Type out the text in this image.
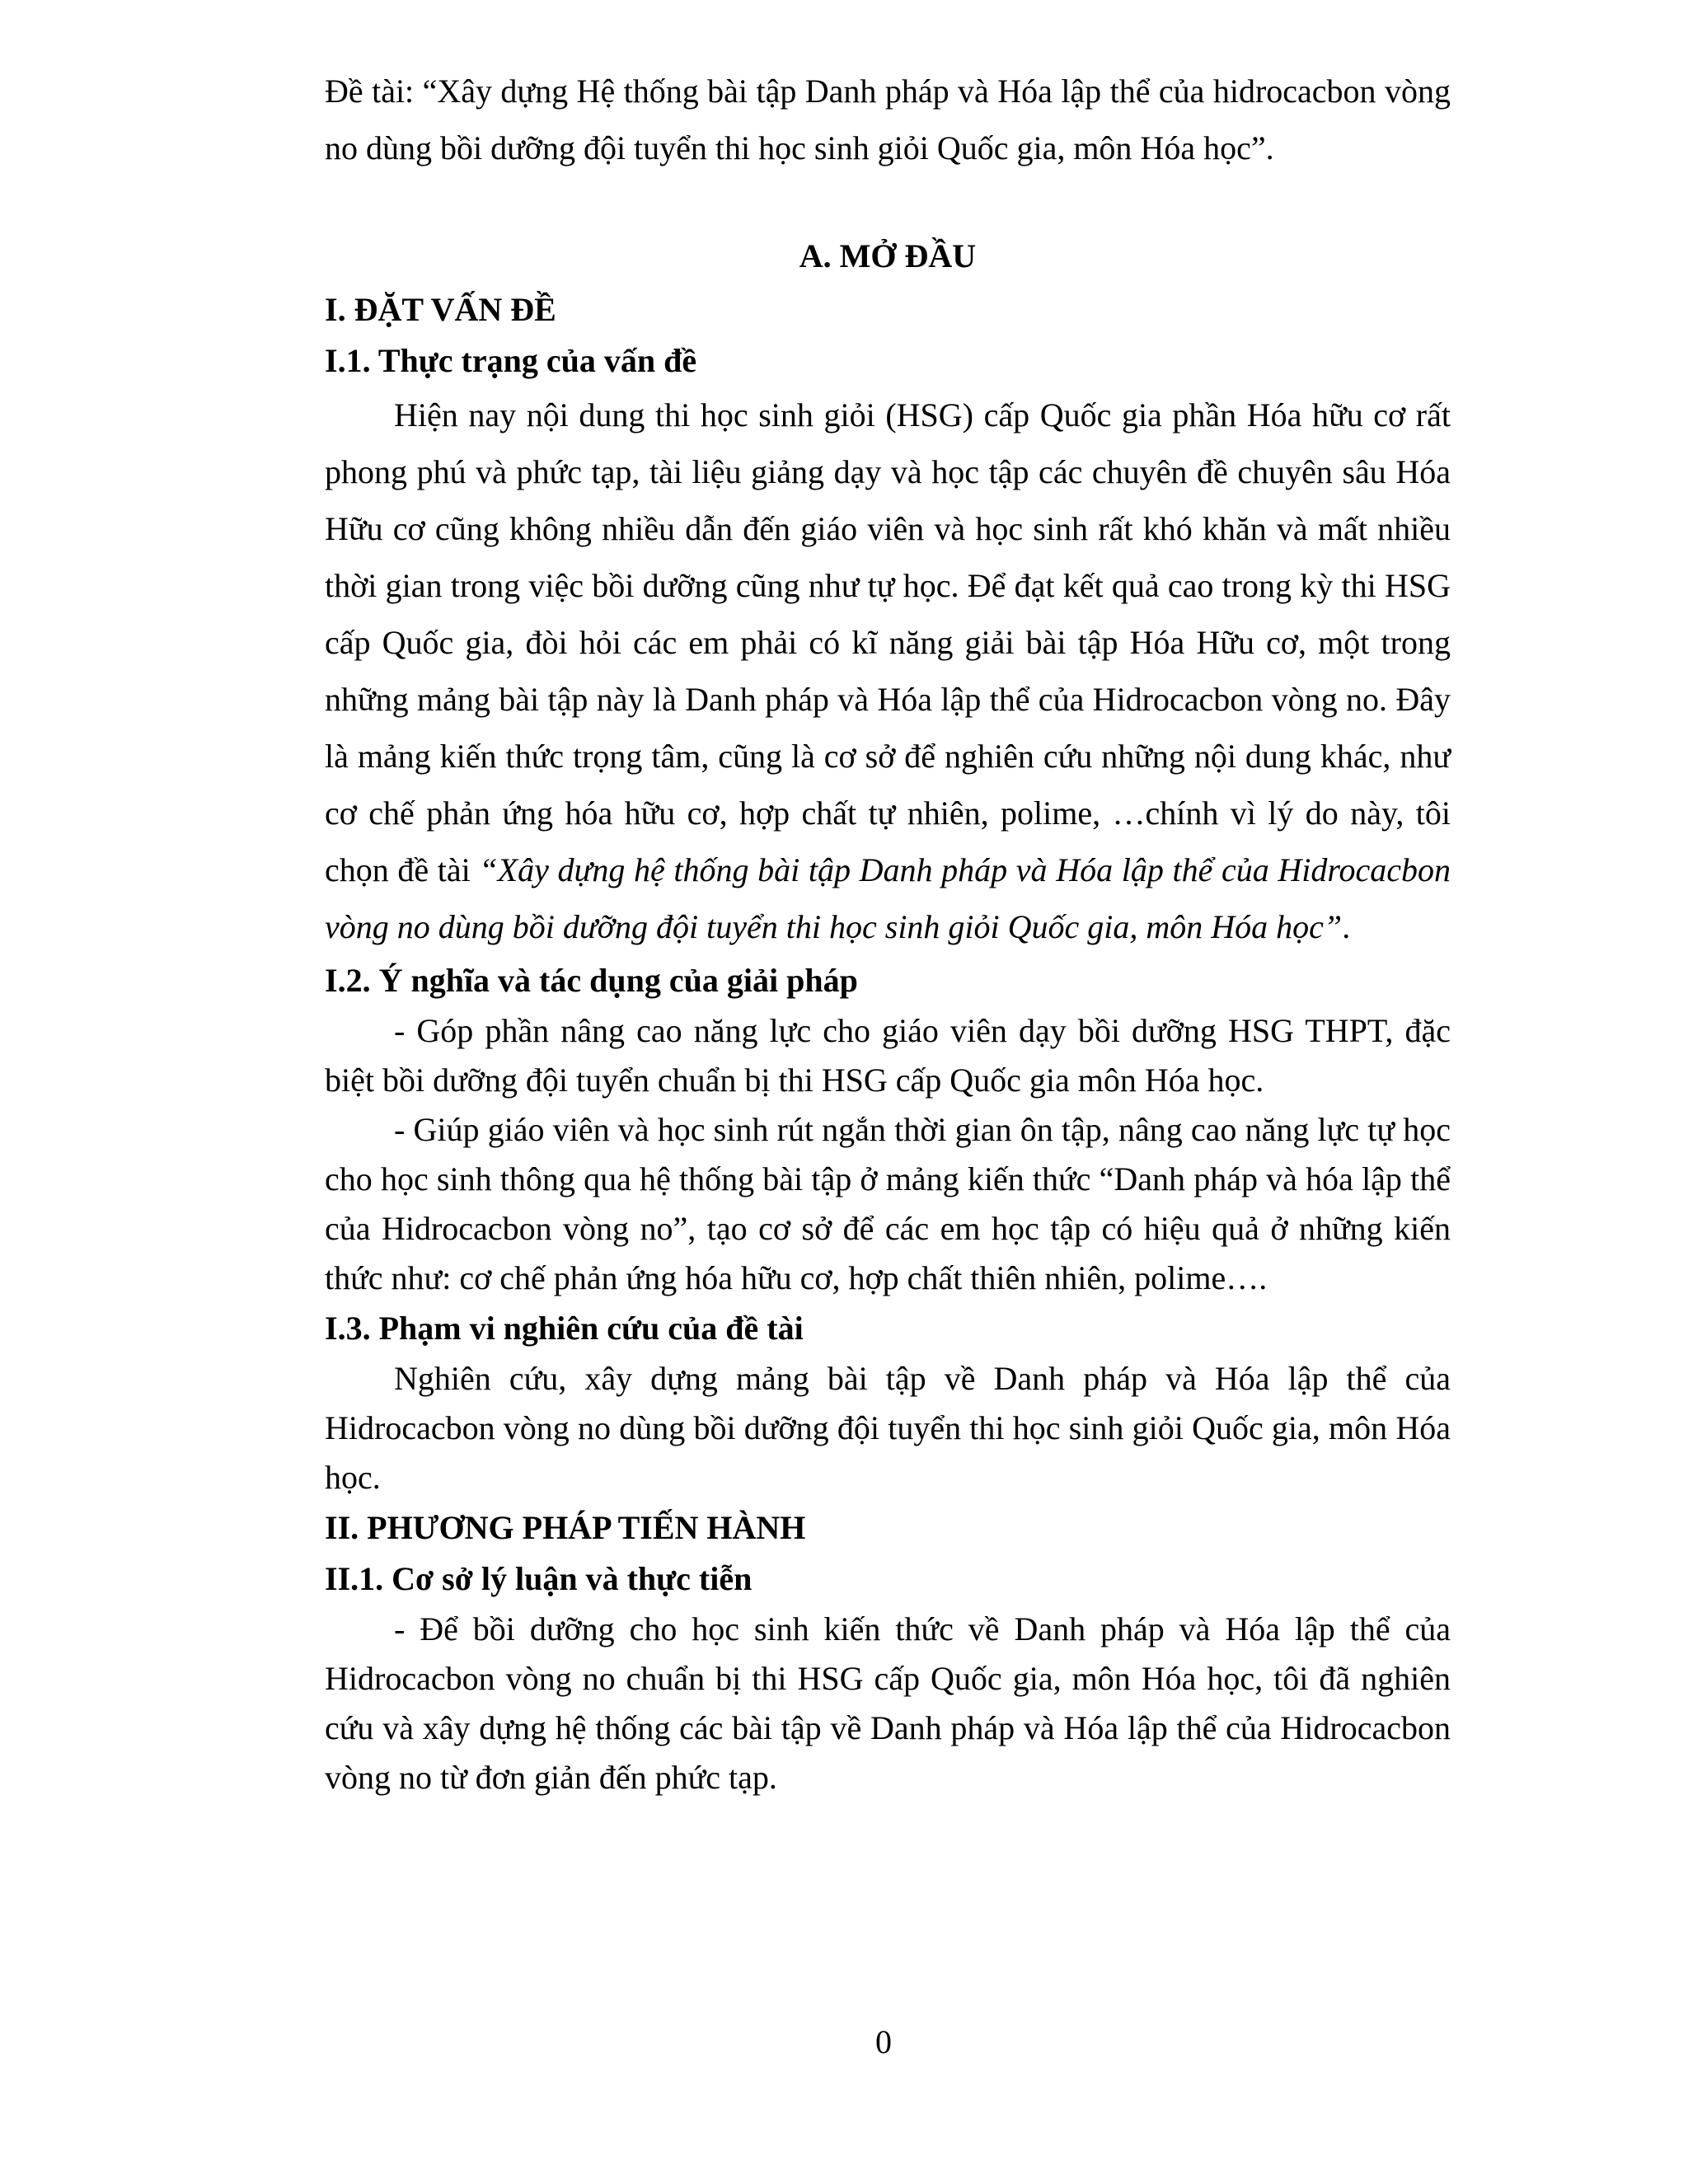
Đề tài: “Xây dựng Hệ thống bài tập Danh pháp và Hóa lập thể của hidrocacbon vòng no dùng bồi dưỡng đội tuyển thi học sinh giỏi Quốc gia, môn Hóa học”.

A. MỞ ĐẦU

I. ĐẶT VẤN ĐỀ

I.1. Thực trạng của vấn đề

Hiện nay nội dung thi học sinh giỏi (HSG) cấp Quốc gia phần Hóa hữu cơ rất phong phú và phức tạp, tài liệu giảng dạy và học tập các chuyên đề chuyên sâu Hóa Hữu cơ cũng không nhiều dẫn đến giáo viên và học sinh rất khó khăn và mất nhiều thời gian trong việc bồi dưỡng cũng như tự học. Để đạt kết quả cao trong kỳ thi HSG cấp Quốc gia, đòi hỏi các em phải có kĩ năng giải bài tập Hóa Hữu cơ, một trong những mảng bài tập này là Danh pháp và Hóa lập thể của Hidrocacbon vòng no. Đây là mảng kiến thức trọng tâm, cũng là cơ sở để nghiên cứu những nội dung khác, như cơ chế phản ứng hóa hữu cơ, hợp chất tự nhiên, polime, …chính vì lý do này, tôi chọn đề tài “Xây dựng hệ thống bài tập Danh pháp và Hóa lập thể của Hidrocacbon vòng no dùng bồi dưỡng đội tuyển thi học sinh giỏi Quốc gia, môn Hóa học”.

I.2. Ý nghĩa và tác dụng của giải pháp

- Góp phần nâng cao năng lực cho giáo viên dạy bồi dưỡng HSG THPT, đặc biệt bồi dưỡng đội tuyển chuẩn bị thi HSG cấp Quốc gia môn Hóa học.

- Giúp giáo viên và học sinh rút ngắn thời gian ôn tập, nâng cao năng lực tự học cho học sinh thông qua hệ thống bài tập ở mảng kiến thức “Danh pháp và hóa lập thể của Hidrocacbon vòng no”, tạo cơ sở để các em học tập có hiệu quả ở những kiến thức như: cơ chế phản ứng hóa hữu cơ, hợp chất thiên nhiên, polime….

I.3. Phạm vi nghiên cứu của đề tài

Nghiên cứu, xây dựng mảng bài tập về Danh pháp và Hóa lập thể của Hidrocacbon vòng no dùng bồi dưỡng đội tuyển thi học sinh giỏi Quốc gia, môn Hóa học.

II. PHƯƠNG PHÁP TIẾN HÀNH

II.1. Cơ sở lý luận và thực tiễn

- Để bồi dưỡng cho học sinh kiến thức về Danh pháp và Hóa lập thể của Hidrocacbon vòng no chuẩn bị thi HSG cấp Quốc gia, môn Hóa học, tôi đã nghiên cứu và xây dựng hệ thống các bài tập về Danh pháp và Hóa lập thể của Hidrocacbon vòng no từ đơn giản đến phức tạp.

0
